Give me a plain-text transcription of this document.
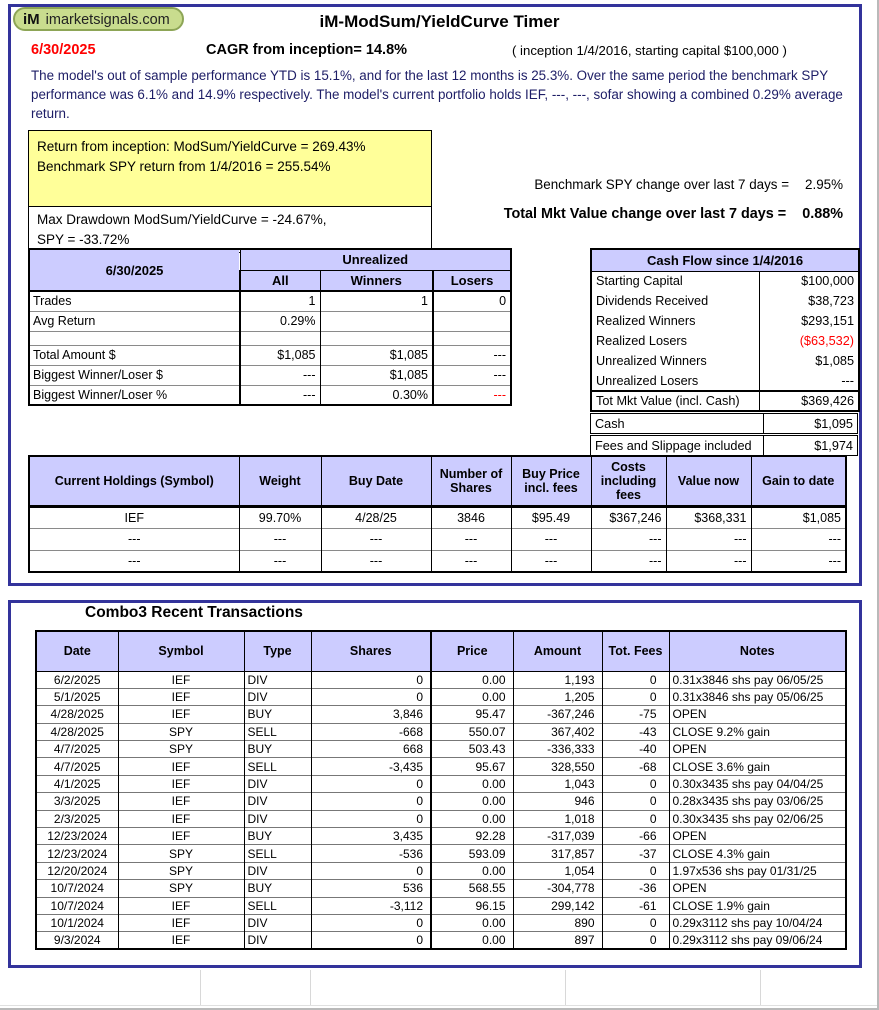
iM imarketsignals.com	iM-ModSum/YieldCurve Timer
6/30/2025	CAGR from inception= 14.8%	( inception 1/4/2016, starting capital $100,000 )
The model's out of sample performance YTD is 15.1%, and for the last 12 months is 25.3%. Over the same period the benchmark SPY performance was 6.1% and 14.9% respectively. The model's current portfolio holds IEF, ---, ---, sofar showing a combined 0.29% average return.
Return from inception: ModSum/YieldCurve = 269.43%
Benchmark SPY return from 1/4/2016 = 255.54%
Max Drawdown ModSum/YieldCurve = -24.67%,
SPY = -33.72%
Benchmark SPY change over last 7 days = 2.95%
Total Mkt Value change over last 7 days = 0.88%
6/30/2025	Unrealized		
	All	Winners	Losers
Trades	1	1	0
Avg Return	0.29%		

Total Amount $	$1,085	$1,085	---
Biggest Winner/Loser $	---	$1,085	---
Biggest Winner/Loser %	---	0.30%	---
Cash Flow since 1/4/2016	
Starting Capital	$100,000
Dividends Received	$38,723
Realized Winners	$293,151
Realized Losers	($63,532)
Unrealized Winners	$1,085
Unrealized Losers	---
Tot Mkt Value (incl. Cash)	$369,426
Cash	$1,095
Fees and Slippage included	$1,974
Current Holdings (Symbol)	Weight	Buy Date	Number of Shares	Buy Price incl. fees	Costs including fees	Value now	Gain to date
IEF	99.70%	4/28/25	3846	$95.49	$367,246	$368,331	$1,085
---	---	---	---	---	---	---	---
---	---	---	---	---	---	---	---
Combo3 Recent Transactions
Date	Symbol	Type	Shares	Price	Amount	Tot. Fees	Notes
6/2/2025	IEF	DIV	0	0.00	1,193	0	0.31x3846 shs pay 06/05/25
5/1/2025	IEF	DIV	0	0.00	1,205	0	0.31x3846 shs pay 05/06/25
4/28/2025	IEF	BUY	3,846	95.47	-367,246	-75	OPEN
4/28/2025	SPY	SELL	-668	550.07	367,402	-43	CLOSE 9.2% gain
4/7/2025	SPY	BUY	668	503.43	-336,333	-40	OPEN
4/7/2025	IEF	SELL	-3,435	95.67	328,550	-68	CLOSE 3.6% gain
4/1/2025	IEF	DIV	0	0.00	1,043	0	0.30x3435 shs pay 04/04/25
3/3/2025	IEF	DIV	0	0.00	946	0	0.28x3435 shs pay 03/06/25
2/3/2025	IEF	DIV	0	0.00	1,018	0	0.30x3435 shs pay 02/06/25
12/23/2024	IEF	BUY	3,435	92.28	-317,039	-66	OPEN
12/23/2024	SPY	SELL	-536	593.09	317,857	-37	CLOSE 4.3% gain
12/20/2024	SPY	DIV	0	0.00	1,054	0	1.97x536 shs pay 01/31/25
10/7/2024	SPY	BUY	536	568.55	-304,778	-36	OPEN
10/7/2024	IEF	SELL	-3,112	96.15	299,142	-61	CLOSE 1.9% gain
10/1/2024	IEF	DIV	0	0.00	890	0	0.29x3112 shs pay 10/04/24
9/3/2024	IEF	DIV	0	0.00	897	0	0.29x3112 shs pay 09/06/24
